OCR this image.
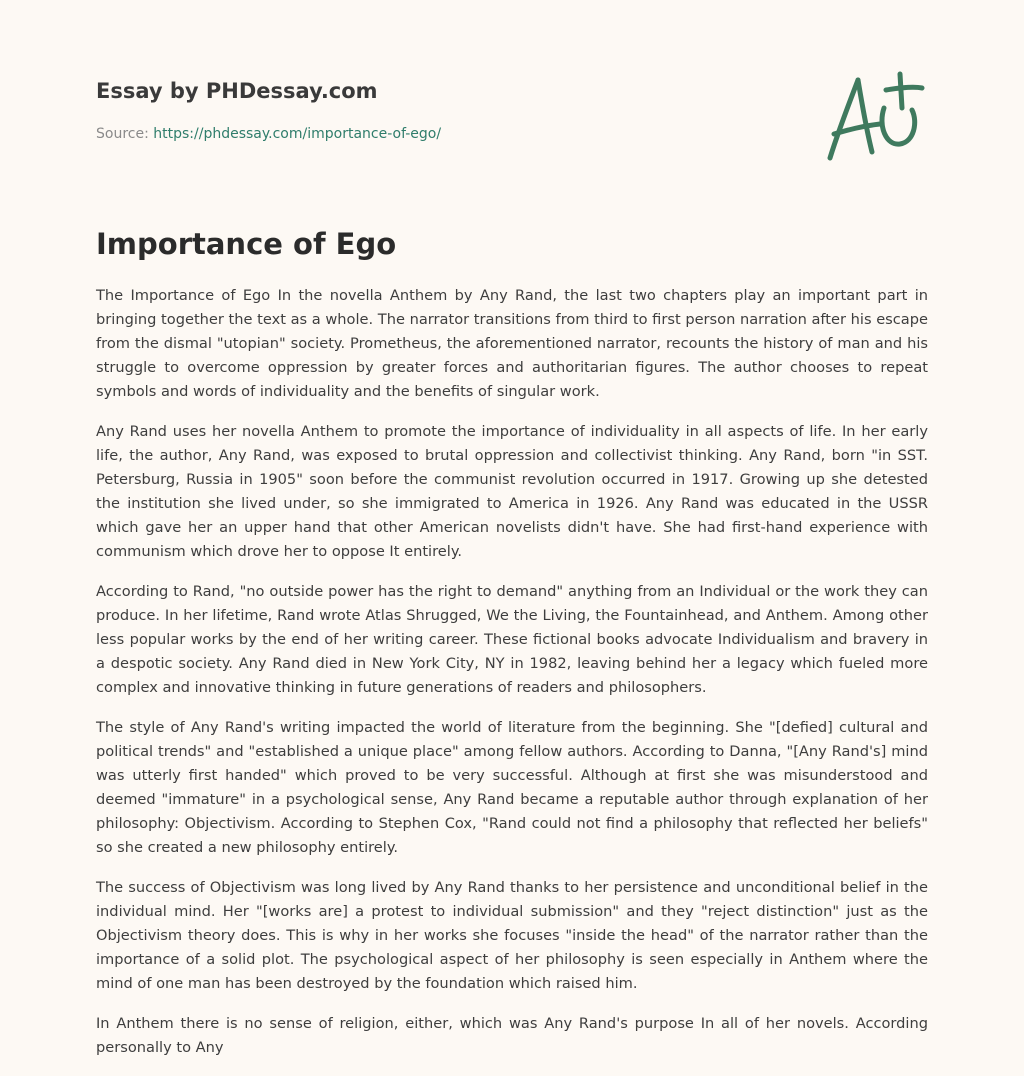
Essay by PHDessay.com
Source: https://phdessay.com/importance-of-ego/
Importance of Ego

The Importance of Ego In the novella Anthem by Any Rand, the last two chapters play an important part in bringing together the text as a whole. The narrator transitions from third to first person narration after his escape from the dismal "utopian" society. Prometheus, the aforementioned narrator, recounts the history of man and his struggle to overcome oppression by greater forces and authoritarian figures. The author chooses to repeat symbols and words of individuality and the benefits of singular work.

Any Rand uses her novella Anthem to promote the importance of individuality in all aspects of life. In her early life, the author, Any Rand, was exposed to brutal oppression and collectivist thinking. Any Rand, born "in SST. Petersburg, Russia in 1905" soon before the communist revolution occurred in 1917. Growing up she detested the institution she lived under, so she immigrated to America in 1926. Any Rand was educated in the USSR which gave her an upper hand that other American novelists didn't have. She had first-hand experience with communism which drove her to oppose It entirely.

According to Rand, "no outside power has the right to demand" anything from an Individual or the work they can produce. In her lifetime, Rand wrote Atlas Shrugged, We the Living, the Fountainhead, and Anthem. Among other less popular works by the end of her writing career. These fictional books advocate Individualism and bravery in a despotic society. Any Rand died in New York City, NY in 1982, leaving behind her a legacy which fueled more complex and innovative thinking in future generations of readers and philosophers.

The style of Any Rand's writing impacted the world of literature from the beginning. She "[defied] cultural and political trends" and "established a unique place" among fellow authors. According to Danna, "[Any Rand's] mind was utterly first handed" which proved to be very successful. Although at first she was misunderstood and deemed "immature" in a psychological sense, Any Rand became a reputable author through explanation of her philosophy: Objectivism. According to Stephen Cox, "Rand could not find a philosophy that reflected her beliefs" so she created a new philosophy entirely.

The success of Objectivism was long lived by Any Rand thanks to her persistence and unconditional belief in the individual mind. Her "[works are] a protest to individual submission" and they "reject distinction" just as the Objectivism theory does. This is why in her works she focuses "inside the head" of the narrator rather than the importance of a solid plot. The psychological aspect of her philosophy is seen especially in Anthem where the mind of one man has been destroyed by the foundation which raised him.

In Anthem there is no sense of religion, either, which was Any Rand's purpose In all of her novels. According personally to Any
